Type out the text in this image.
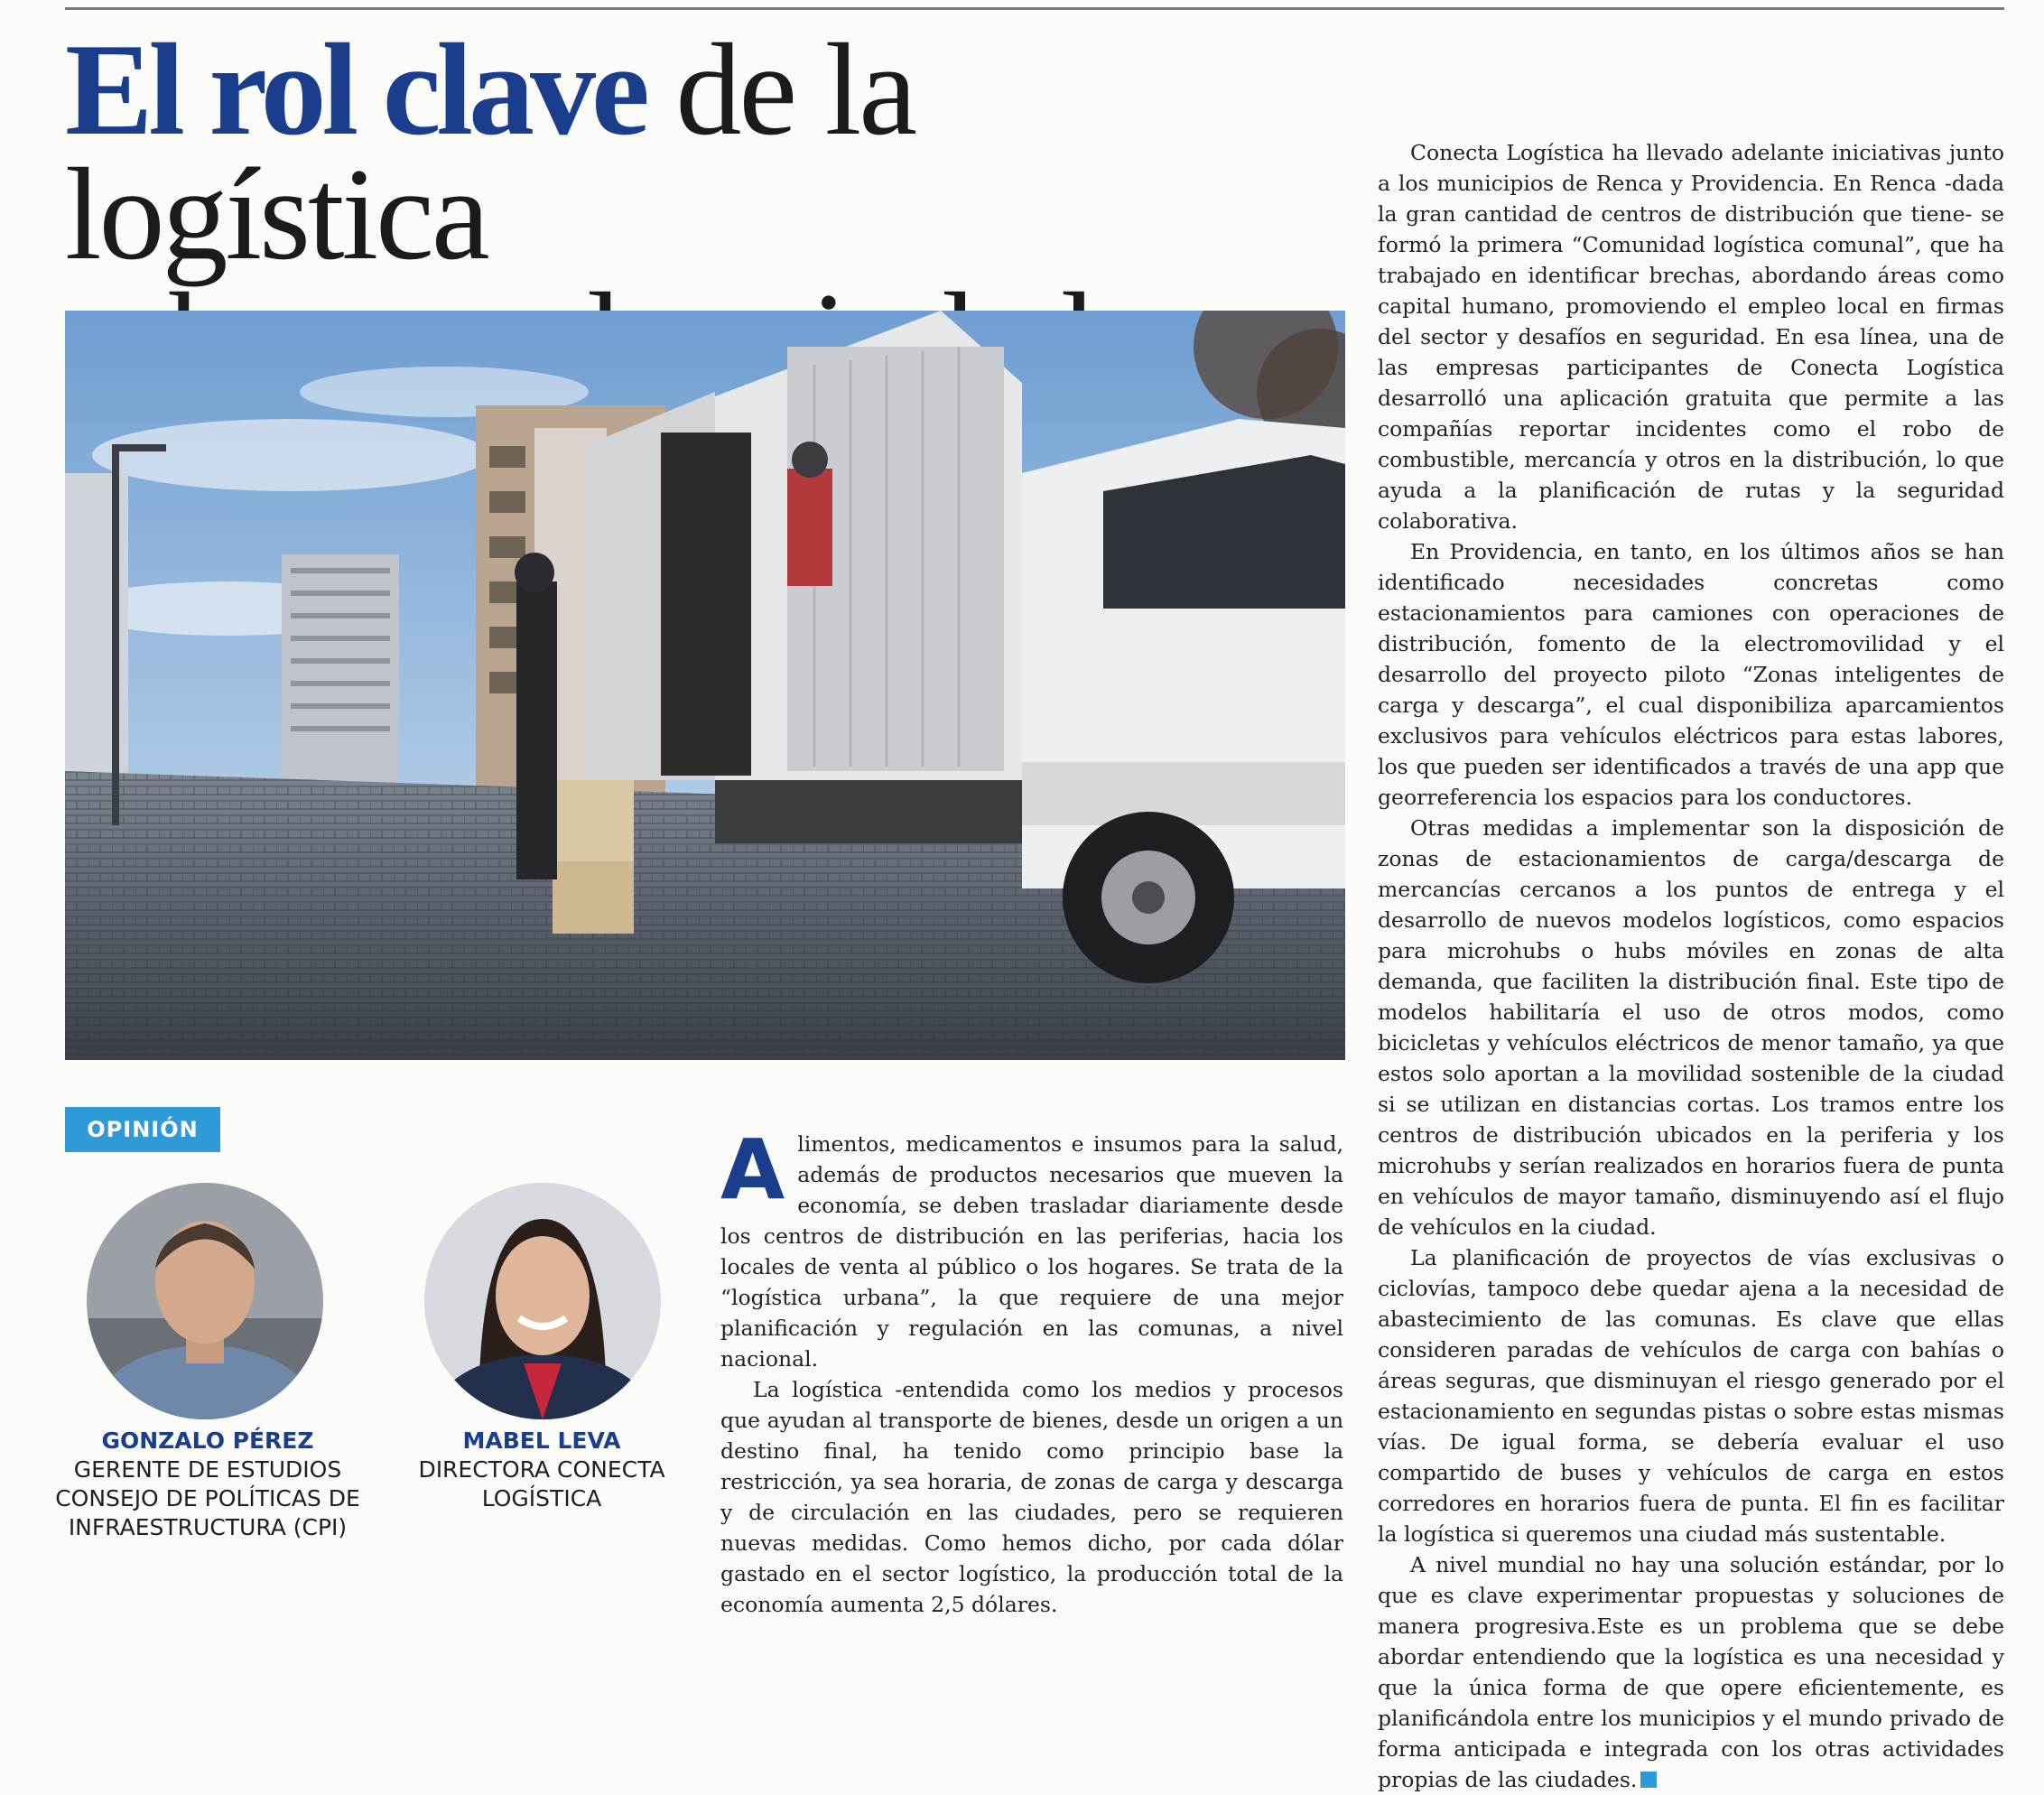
El rol clave de la logística

OPINIÓN
GONZALO PÉREZ
GERENTE DE ESTUDIOS
CONSEJO DE POLÍTICAS DE
INFRAESTRUCTURA (CPI)
MABEL LEVA
DIRECTORA CONECTA
LOGÍSTICA

Alimentos, medicamentos e insumos para la salud, además de productos necesarios que mueven la economía, se deben trasladar diariamente desde los centros de distribución en las periferias, hacia los locales de venta al público o los hogares. Se trata de la “logística urbana”, la que requiere de una mejor planificación y regulación en las comunas, a nivel nacional.

La logística -entendida como los medios y procesos que ayudan al transporte de bienes, desde un origen a un destino final, ha tenido como principio base la restricción, ya sea horaria, de zonas de carga y descarga y de circulación en las ciudades, pero se requieren nuevas medidas. Como hemos dicho, por cada dólar gastado en el sector logístico, la producción total de la economía aumenta 2,5 dólares.

Conecta Logística ha llevado adelante iniciativas junto a los municipios de Renca y Providencia. En Renca -dada la gran cantidad de centros de distribución que tiene- se formó la primera “Comunidad logística comunal”, que ha trabajado en identificar brechas, abordando áreas como capital humano, promoviendo el empleo local en firmas del sector y desafíos en seguridad. En esa línea, una de las empresas participantes de Conecta Logística desarrolló una aplicación gratuita que permite a las compañías reportar incidentes como el robo de combustible, mercancía y otros en la distribución, lo que ayuda a la planificación de rutas y la seguridad colaborativa.

En Providencia, en tanto, en los últimos años se han identificado necesidades concretas como estacionamientos para camiones con operaciones de distribución, fomento de la electromovilidad y el desarrollo del proyecto piloto “Zonas inteligentes de carga y descarga”, el cual disponibiliza aparcamientos exclusivos para vehículos eléctricos para estas labores, los que pueden ser identificados a través de una app que georreferencia los espacios para los conductores.

Otras medidas a implementar son la disposición de zonas de estacionamientos de carga/descarga de mercancías cercanos a los puntos de entrega y el desarrollo de nuevos modelos logísticos, como espacios para microhubs o hubs móviles en zonas de alta demanda, que faciliten la distribución final. Este tipo de modelos habilitaría el uso de otros modos, como bicicletas y vehículos eléctricos de menor tamaño, ya que estos solo aportan a la movilidad sostenible de la ciudad si se utilizan en distancias cortas. Los tramos entre los centros de distribución ubicados en la periferia y los microhubs y serían realizados en horarios fuera de punta en vehículos de mayor tamaño, disminuyendo así el flujo de vehículos en la ciudad.

La planificación de proyectos de vías exclusivas o ciclovías, tampoco debe quedar ajena a la necesidad de abastecimiento de las comunas. Es clave que ellas consideren paradas de vehículos de carga con bahías o áreas seguras, que disminuyan el riesgo generado por el estacionamiento en segundas pistas o sobre estas mismas vías. De igual forma, se debería evaluar el uso compartido de buses y vehículos de carga en estos corredores en horarios fuera de punta. El fin es facilitar la logística si queremos una ciudad más sustentable.

A nivel mundial no hay una solución estándar, por lo que es clave experimentar propuestas y soluciones de manera progresiva.Este es un problema que se debe abordar entendiendo que la logística es una necesidad y que la única forma de que opere eficientemente, es planificándola entre los municipios y el mundo privado de forma anticipada e integrada con los otras actividades propias de las ciudades.
